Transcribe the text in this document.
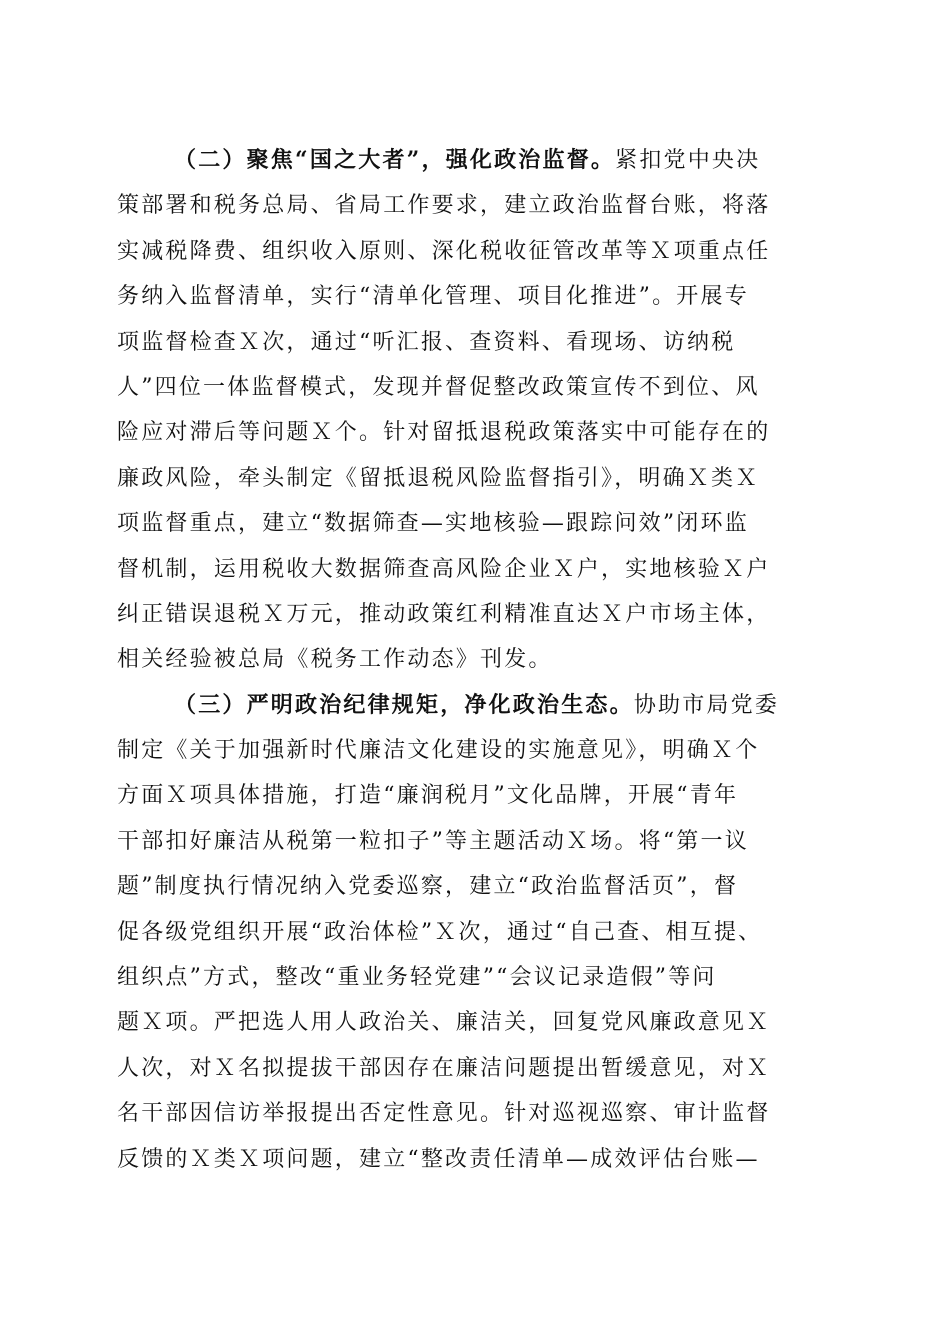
（二）聚焦“国之大者”，强化政治监督。紧扣党中央决
策部署和税务总局、省局工作要求，建立政治监督台账，将落
实减税降费、组织收入原则、深化税收征管改革等Ｘ项重点任
务纳入监督清单，实行“清单化管理、项目化推进”。开展专
项监督检查Ｘ次，通过“听汇报、查资料、看现场、访纳税
人”四位一体监督模式，发现并督促整改政策宣传不到位、风
险应对滞后等问题Ｘ个。针对留抵退税政策落实中可能存在的
廉政风险，牵头制定《留抵退税风险监督指引》，明确Ｘ类Ｘ
项监督重点，建立“数据筛查—实地核验—跟踪问效”闭环监
督机制，运用税收大数据筛查高风险企业Ｘ户，实地核验Ｘ户
纠正错误退税Ｘ万元，推动政策红利精准直达Ｘ户市场主体，
相关经验被总局《税务工作动态》刊发。
（三）严明政治纪律规矩，净化政治生态。协助市局党委
制定《关于加强新时代廉洁文化建设的实施意见》，明确Ｘ个
方面Ｘ项具体措施，打造“廉润税月”文化品牌，开展“青年
干部扣好廉洁从税第一粒扣子”等主题活动Ｘ场。将“第一议
题”制度执行情况纳入党委巡察，建立“政治监督活页”，督
促各级党组织开展“政治体检”Ｘ次，通过“自己查、相互提、
组织点”方式，整改“重业务轻党建”“会议记录造假”等问
题Ｘ项。严把选人用人政治关、廉洁关，回复党风廉政意见Ｘ
人次，对Ｘ名拟提拔干部因存在廉洁问题提出暂缓意见，对Ｘ
名干部因信访举报提出否定性意见。针对巡视巡察、审计监督
反馈的Ｘ类Ｘ项问题，建立“整改责任清单—成效评估台账—
